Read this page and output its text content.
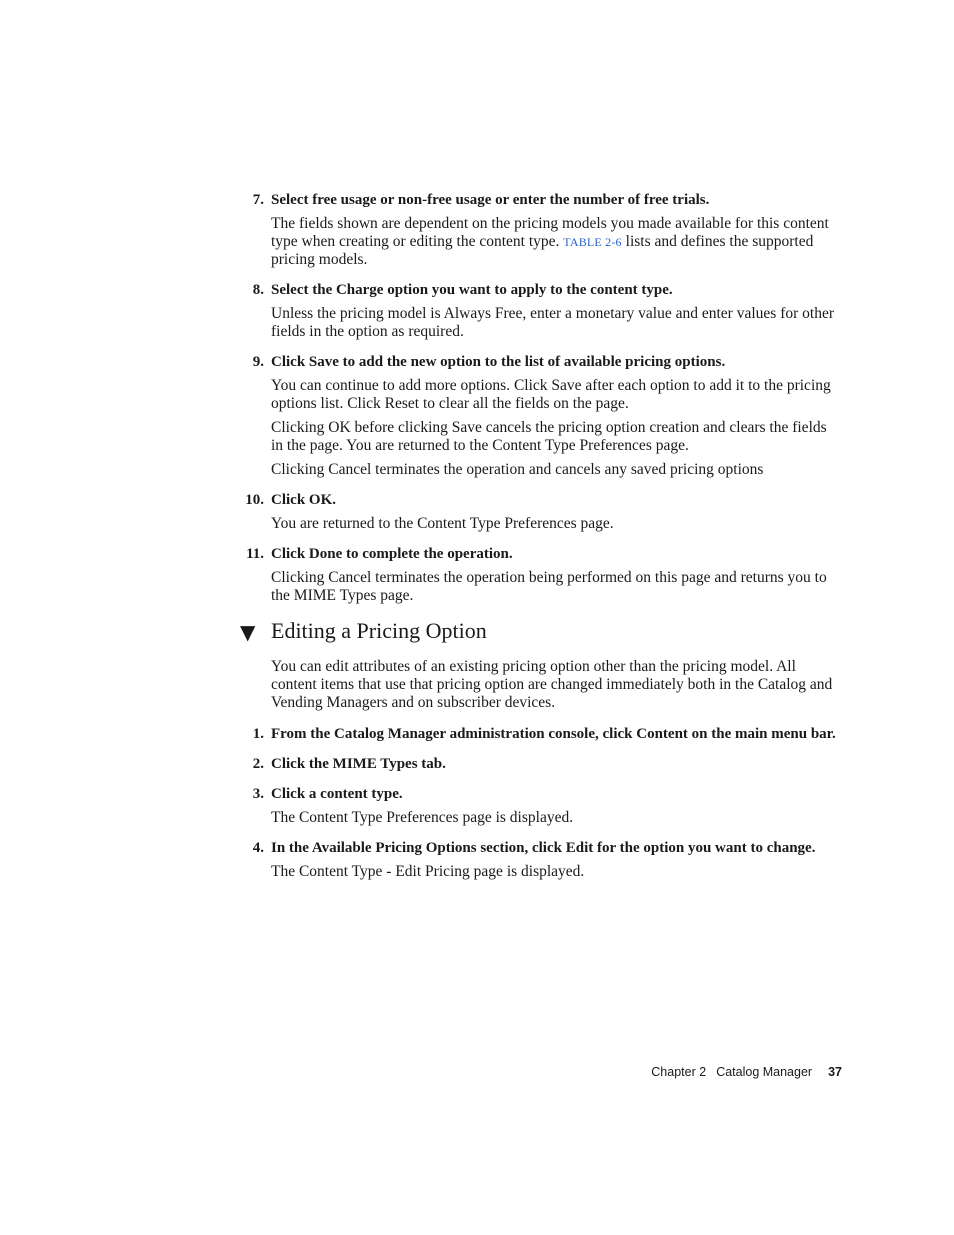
7. Select free usage or non-free usage or enter the number of free trials.

The fields shown are dependent on the pricing models you made available for this content type when creating or editing the content type. TABLE 2-6 lists and defines the supported pricing models.

8. Select the Charge option you want to apply to the content type.

Unless the pricing model is Always Free, enter a monetary value and enter values for other fields in the option as required.

9. Click Save to add the new option to the list of available pricing options.

You can continue to add more options. Click Save after each option to add it to the pricing options list. Click Reset to clear all the fields on the page.

Clicking OK before clicking Save cancels the pricing option creation and clears the fields in the page. You are returned to the Content Type Preferences page.

Clicking Cancel terminates the operation and cancels any saved pricing options

10. Click OK.

You are returned to the Content Type Preferences page.

11. Click Done to complete the operation.

Clicking Cancel terminates the operation being performed on this page and returns you to the MIME Types page.

▼ Editing a Pricing Option

You can edit attributes of an existing pricing option other than the pricing model. All content items that use that pricing option are changed immediately both in the Catalog and Vending Managers and on subscriber devices.

1. From the Catalog Manager administration console, click Content on the main menu bar.

2. Click the MIME Types tab.

3. Click a content type.

The Content Type Preferences page is displayed.

4. In the Available Pricing Options section, click Edit for the option you want to change.

The Content Type - Edit Pricing page is displayed.

Chapter 2 Catalog Manager 37
